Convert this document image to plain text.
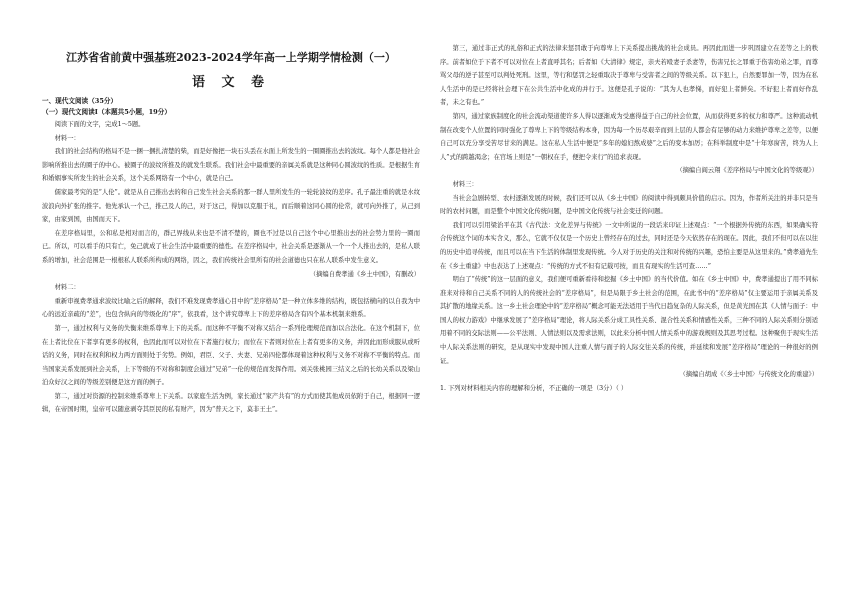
江苏省省前黄中强基班2023-2024学年高一上学期学情检测（一）
语 文 卷
一、现代文阅读（35分）
（一）现代文阅读Ⅰ（本题共5小题，19分）

阅读下面的文字，完成1～5题。

材料一：

我们的社会结构的格局不是一捆一捆扎清楚的柴，而是好像把一块石头丢在水面上所发生的一圈圈推出去的波纹。每个人都是他社会影响所推出去的圈子的中心。被圈子的波纹所推及的就发生联系。我们社会中最重要的亲属关系就是这种同心圆波纹的性质。是根据生育和婚姻事实所发生的社会关系，这个关系网络有一个中心，就是自己。

儒家最考究的是“人伦”。就是从自己推出去的和自己发生社会关系的那一群人里所发生的一轮轮波纹的差序。孔子最注重的就是水纹波浪向外扩张的推字。他先承认一个己，推己及人的己，对于这己，得加以克服于礼，而后顺着这同心圆的伦常，就可向外推了，从己到家，由家到国，由国而天下。

在差序格局里，公和私是相对而言的，群己界线从来也是不清不楚的，圈也不过是以自己这个中心里推出去的社会势力里的一圈而已。所以，可以看手的只有亡，免己就成了社会生活中最重要的德性。在差序格局中，社会关系是逐渐从一个一个人推出去的，是私人联系的增加，社会范围是一根根私人联系所构成的网络，因之，我们传统社会里所有的社会道德也只在私人联系中发生意义。

（摘编自费孝通《乡土中国》，有删改）

材料二：

重新审视费孝通求波纹比喻之后的解释，我们不难发现费孝通心目中的“差序格局”是一种立体多维的结构，既包括横向的以自我为中心的远近亲疏的“差”，也包含纵向的等级化的“序”，依我看，这个讲究尊卑上下的差序格局含有四个基本机制来维系。

第一，通过权利与义务的失衡来维系尊卑上下的关系。而这种不平衡不对称又结合一系列伦理规范而加以合法化。在这个机制下，位在上者比位在下者享有更多的权利，也因此而可以对位在下者施行权力；而位在下者则对位在上者有更多的义务，并因此而形成服从或听话的义务，同时在权利和权力两方面则处于劣势。例如，君臣、父子、夫妻、兄弟四伦都体现着这种权利与义务不对称不平衡的特点。而当国家关系发展到社会关系，上下等级的不对称和制度会通过“兄弟”一伦的规范而发挥作用。刘关张桃园三结义之后的长幼关系以及梁山泊众好汉之间的等级差别便是这方面的例子。

第二，通过对资源的控制来维系尊卑上下关系。以家庭生活为例，家长通过“家产共有”的方式而使其他成员依附于自己，根据同一逻辑，在帝国时期，皇帝可以随意剥夺其臣民的私有财产，因为“普天之下，莫非王土”。

第三，通过非正式的礼俗和正式的法律来惩罚敢于向尊卑上下关系提出挑战的社会成员。再因此而进一步巩固建立在差等之上的秩序。前者如位于下者不可以对位在上者直呼其名；后者如《大清律》规定，亲夫若殴妻子杀妻等，伤害兄长之罪重于伤害幼弟之罪，而尊骂父母的逆子甚至可以判处死刑。这里，等行和惩罚之轻重取决于尊卑与受害者之间的等级关系。以下犯上，自然要罪加一等，因为在私人生活中的是已经将社会理下在公共生活中化成的并行于。这便是孔子说的：“其为人也孝悌，而好犯上者鲜矣。不好犯上者而好作乱者，未之有也。”

第四，通过家族制度化的社会流动渠道使许多人得以逐渐成为受惠得益于自己的社会位置，从而获得更多的权力和尊严。这种流动机制在改变个人位置的同时强化了尊卑上下的等级结构本身，因为每一个历尽艰辛而到上层的人都会有足够的动力来维护尊卑之差等，以便自己可以充分享受苦尽甘来的满足。这在私人生活中便是“多年的媳妇熬成婆”之后的变本加厉；在科举制度中是“十年寒窗苦，终为人上人”式的跨越渴念；在官场上则是“一朝权在手，便把令来行”的追求表现。

（摘编自阎云翔《差序格局与中国文化的等级观》）

材料三：

当社会急剧转型、农村逐渐发展的时候，我们还可以从《乡土中国》的阅读中得到颇具价值的启示。因为，作者所关注的并非只是当时的农村问题，而是整个中国文化传统问题，是中国文化传统与社会变迁的问题。

我们可以引用梁治平在其《古代法：文化差异与传统》一文中所说的一段话来印证上述观点：“一个根据外传统的东西，如果确实符合传统这个词的本实含义，那么，它就不仅仅是一个历史上曾经存在的过去，同时还是今天依然存在的现在。因此，我们不但可以在以往的历史中追寻传统，而且可以在当下生活的体制里发现传统。今人对于历史的关注和对传统的兴趣，恐怕主要是从这里来的。”费孝通先生在《乡土重建》中也表达了上述观点：“传统的方式不但有记载可按，而且有现实的生活可查……”

明白了“传统”的这一层面的意义，我们便可重新看待和挖掘《乡土中国》的当代价值。如在《乡土中国》中，费孝通提出了用不同标准来对待和自己关系不同的人的传统社会的“差序格局”，但是局限于乡土社会的范围，在此书中的“差序格局”仅主要运用于亲属关系及其扩散的地缘关系。这一乡土社会理论中的“差序格局”概念可能无法适用于当代日趋复杂的人际关系，但是黄光国在其《人情与面子：中国人的权力游戏》中继承发展了“差序格局”理论，将人际关系分成工具性关系、混合性关系和情感性关系，三种不同的人际关系则分别适用着不同的交际法则——公平法则、人情法则以及需求法则，以此来分析中国人情关系中的游戏规则及其思考过程。这种聚焦于现实生活中人际关系法则的研究，是从现实中发现中国人注重人情与面子的人际交往关系的传统，并延续和发展“差序格局”理论的一种很好的例证。

（摘编自胡成《〈乡土中国〉与传统文化的重建》）

1. 下列对材料相关内容的理解和分析，不正确的一项是（3分）（ ）
